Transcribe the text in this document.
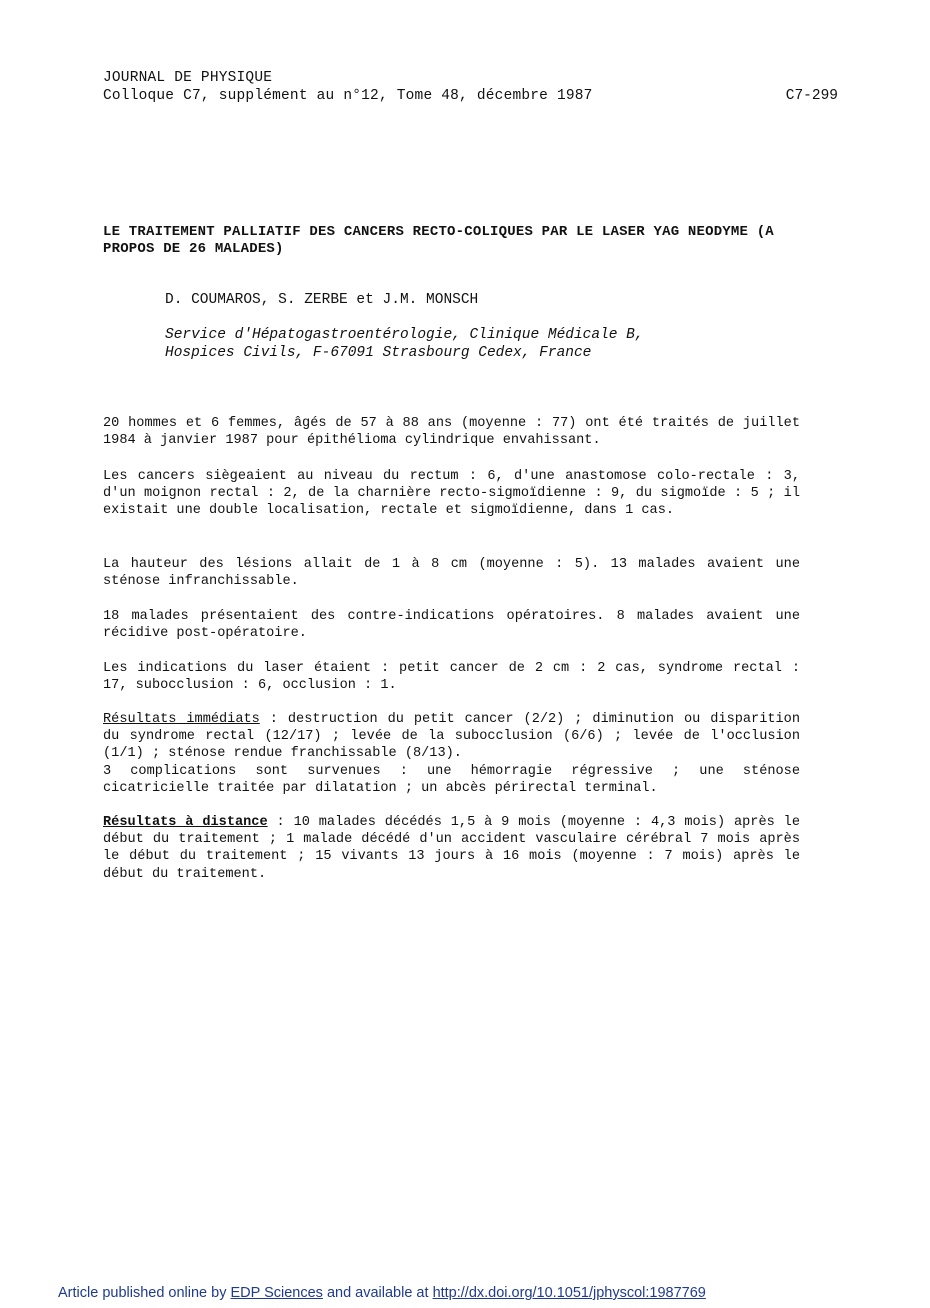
JOURNAL DE PHYSIQUE
Colloque C7, supplément au n°12, Tome 48, décembre 1987	C7-299
LE TRAITEMENT PALLIATIF DES CANCERS RECTO-COLIQUES PAR LE LASER YAG NEODYME (A PROPOS DE 26 MALADES)
D. COUMAROS, S. ZERBE et J.M. MONSCH
Service d'Hépatogastroentérologie, Clinique Médicale B,
Hospices Civils, F-67091 Strasbourg Cedex, France

20 hommes et 6 femmes, âgés de 57 à 88 ans (moyenne : 77) ont été traités de juillet 1984 à janvier 1987 pour épithélioma cylindrique envahissant.

Les cancers siègeaient au niveau du rectum : 6, d'une anastomose colo-rectale : 3, d'un moignon rectal : 2, de la charnière recto-sigmoïdienne : 9, du sigmoïde : 5 ; il existait une double localisation, rectale et sigmoïdienne, dans 1 cas.

La hauteur des lésions allait de 1 à 8 cm (moyenne : 5). 13 malades avaient une sténose infranchissable.

18 malades présentaient des contre-indications opératoires. 8 malades avaient une récidive post-opératoire.

Les indications du laser étaient : petit cancer de 2 cm : 2 cas, syndrome rectal : 17, subocclusion : 6, occlusion : 1.

Résultats immédiats : destruction du petit cancer (2/2) ; diminution ou disparition du syndrome rectal (12/17) ; levée de la subocclusion (6/6) ; levée de l'occlusion (1/1) ; sténose rendue franchissable (8/13).

3 complications sont survenues : une hémorragie régressive ; une sténose cicatricielle traitée par dilatation ; un abcès périrectal terminal.

Résultats à distance : 10 malades décédés 1,5 à 9 mois (moyenne : 4,3 mois) après le début du traitement ; 1 malade décédé d'un accident vasculaire cérébral 7 mois après le début du traitement ; 15 vivants 13 jours à 16 mois (moyenne : 7 mois) après le début du traitement.

Article published online by EDP Sciences and available at http://dx.doi.org/10.1051/jphyscol:1987769
